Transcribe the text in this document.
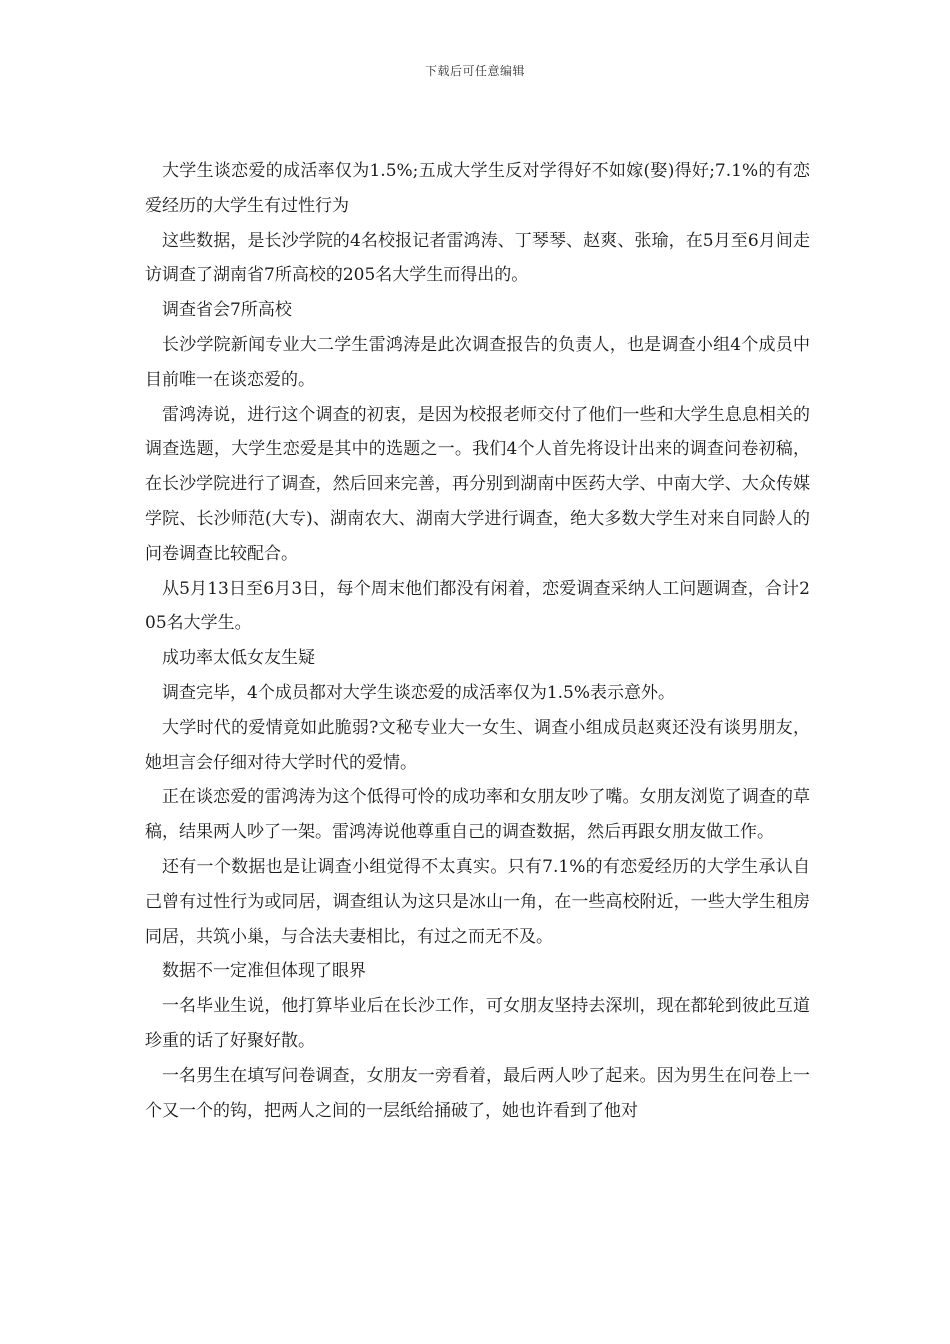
下载后可任意编辑

大学生谈恋爱的成活率仅为1.5%;五成大学生反对学得好不如嫁(娶)得好;7.1%的有恋爱经历的大学生有过性行为

这些数据，是长沙学院的4名校报记者雷鸿涛、丁琴琴、赵爽、张瑜，在5月至6月间走访调查了湖南省7所高校的205名大学生而得出的。

调查省会7所高校

长沙学院新闻专业大二学生雷鸿涛是此次调查报告的负责人，也是调查小组4个成员中目前唯一在谈恋爱的。

雷鸿涛说，进行这个调查的初衷，是因为校报老师交付了他们一些和大学生息息相关的调查选题，大学生恋爱是其中的选题之一。我们4个人首先将设计出来的调查问卷初稿，在长沙学院进行了调查，然后回来完善，再分别到湖南中医药大学、中南大学、大众传媒学院、长沙师范(大专)、湖南农大、湖南大学进行调查，绝大多数大学生对来自同龄人的问卷调查比较配合。

从5月13日至6月3日，每个周末他们都没有闲着，恋爱调查采纳人工问题调查，合计205名大学生。

成功率太低女友生疑

调查完毕，4个成员都对大学生谈恋爱的成活率仅为1.5%表示意外。

大学时代的爱情竟如此脆弱?文秘专业大一女生、调查小组成员赵爽还没有谈男朋友，她坦言会仔细对待大学时代的爱情。

正在谈恋爱的雷鸿涛为这个低得可怜的成功率和女朋友吵了嘴。女朋友浏览了调查的草稿，结果两人吵了一架。雷鸿涛说他尊重自己的调查数据，然后再跟女朋友做工作。

还有一个数据也是让调查小组觉得不太真实。只有7.1%的有恋爱经历的大学生承认自己曾有过性行为或同居，调查组认为这只是冰山一角，在一些高校附近，一些大学生租房同居，共筑小巢，与合法夫妻相比，有过之而无不及。

数据不一定准但体现了眼界

一名毕业生说，他打算毕业后在长沙工作，可女朋友坚持去深圳，现在都轮到彼此互道珍重的话了好聚好散。

一名男生在填写问卷调查，女朋友一旁看着，最后两人吵了起来。因为男生在问卷上一个又一个的钩，把两人之间的一层纸给捅破了，她也许看到了他对
